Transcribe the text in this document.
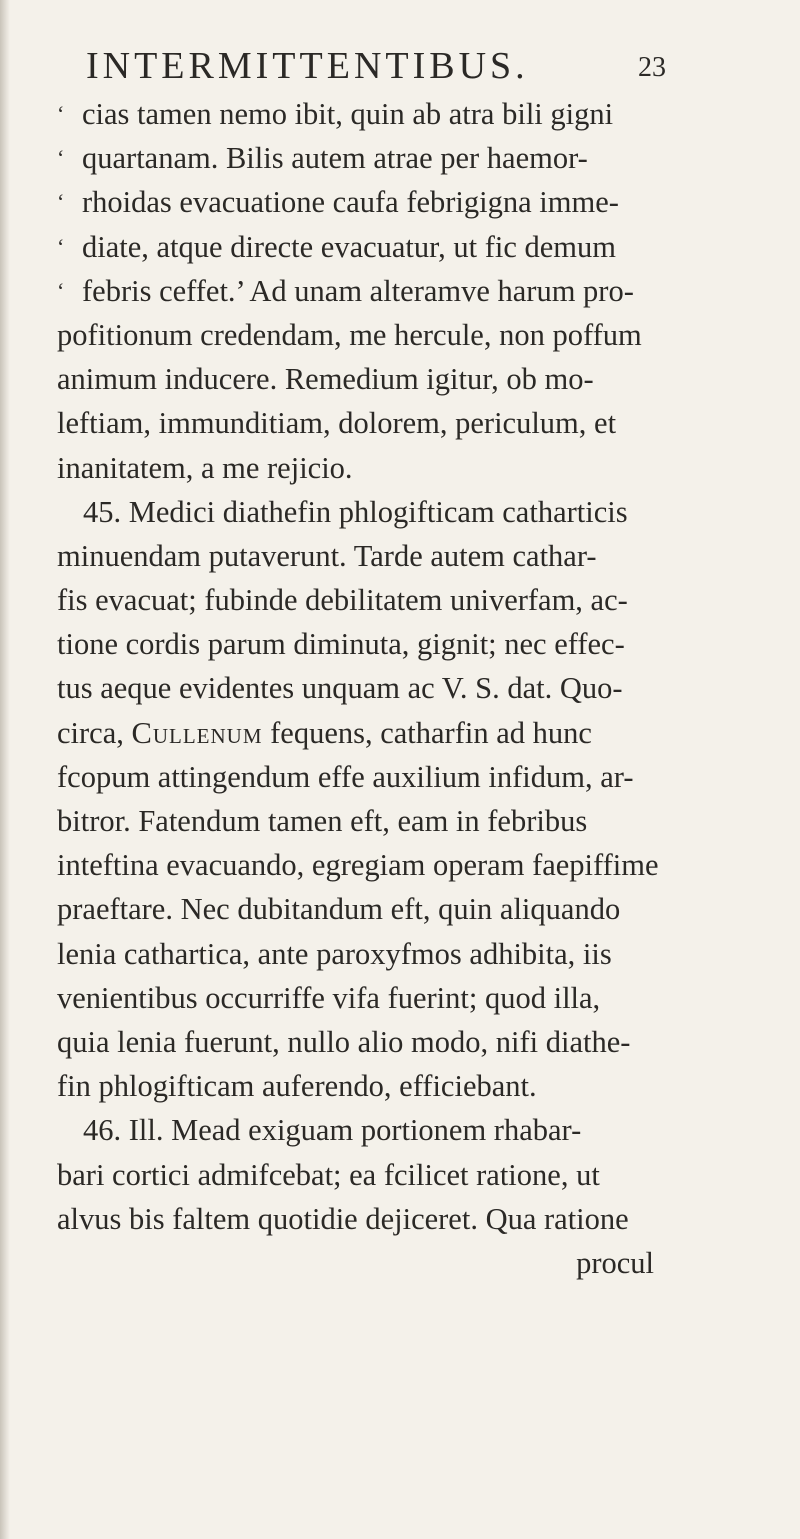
INTERMITTENTIBUS.	23
‘ cias tamen nemo ibit, quin ab atra bili gigni
‘ quartanam. Bilis autem atrae per haemor-
‘ rhoidas evacuatione caufa febrigigna imme-
‘ diate, atque directe evacuatur, ut fic demum
‘ febris ceffet.’ Ad unam alteramve harum pro-
pofitionum credendam, me hercule, non poffum
animum inducere. Remedium igitur, ob mo-
leftiam, immunditiam, dolorem, periculum, et
inanitatem, a me rejicio.
45. Medici diathefin phlogifticam catharticis
minuendam putaverunt. Tarde autem cathar-
fis evacuat; fubinde debilitatem univerfam, ac-
tione cordis parum diminuta, gignit; nec effec-
tus aeque evidentes unquam ac V. S. dat. Quo-
circa, Cullenum fequens, catharfin ad hunc
fcopum attingendum effe auxilium infidum, ar-
bitror. Fatendum tamen eft, eam in febribus
inteftina evacuando, egregiam operam faepiffime
praeftare. Nec dubitandum eft, quin aliquando
lenia cathartica, ante paroxyfmos adhibita, iis
venientibus occurriffe vifa fuerint; quod illa,
quia lenia fuerunt, nullo alio modo, nifi diathe-
fin phlogifticam auferendo, efficiebant.
46. Ill. Mead exiguam portionem rhabar-
bari cortici admifcebat; ea fcilicet ratione, ut
alvus bis faltem quotidie dejiceret. Qua ratione
procul
